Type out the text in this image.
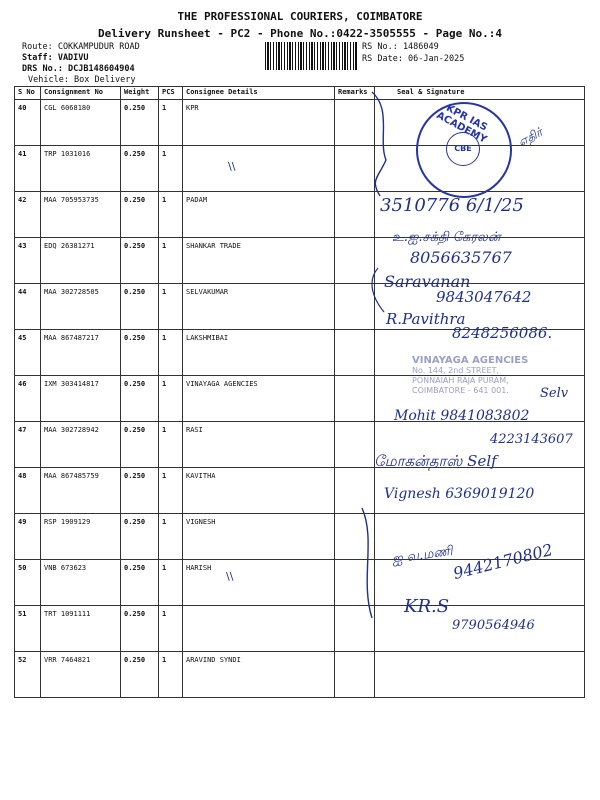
THE PROFESSIONAL COURIERS, COIMBATORE
Delivery Runsheet - PC2 - Phone No.:0422-3505555 - Page No.:4
Route: COKKAMPUDUR ROAD
Staff: VADIVU
DRS No.: DCJB148604904
Vehicle: Box Delivery
RS No.: 1486049
RS Date: 06-Jan-2025
S No	Consignment No	Weight	PCS	Consignee Details	Remarks	Seal & Signature
40	CGL 6068180	0.250	1	KPR		
41	TRP 1031016	0.250	1			
42	MAA 705953735	0.250	1	PADAM		
43	EDQ 26381271	0.250	1	SHANKAR TRADE		
44	MAA 302728505	0.250	1	SELVAKUMAR		
45	MAA 867487217	0.250	1	LAKSHMIBAI		
46	IXM 303414817	0.250	1	VINAYAGA AGENCIES		
47	MAA 302728942	0.250	1	RASI		
48	MAA 867485759	0.250	1	KAVITHA		
49	RSP 1909129	0.250	1	VIGNESH		
50	VNB 673623	0.250	1	HARISH		
51	TRT 1091111	0.250	1			
52	VRR 7464821	0.250	1	ARAVIND SYNDI		
KPR IAS ACADEMY
CBE
VINAYAGA AGENCIES
No. 144, 2nd STREET,
PONNAIAH RAJA PURAM,
COIMBATORE - 641 001.
எதிர்
\\
3510776 6/1/25
உ.ஐ.சக்தி கேரலன்
8056635767
Saravanan
9843047642
R.Pavithra
8248256086.
Selv
Mohit 9841083802
4223143607
மோகன்தாஸ் Self
Vignesh 6369019120
ஐ வ.மணி
9442170802
\\
KR.S
9790564946
